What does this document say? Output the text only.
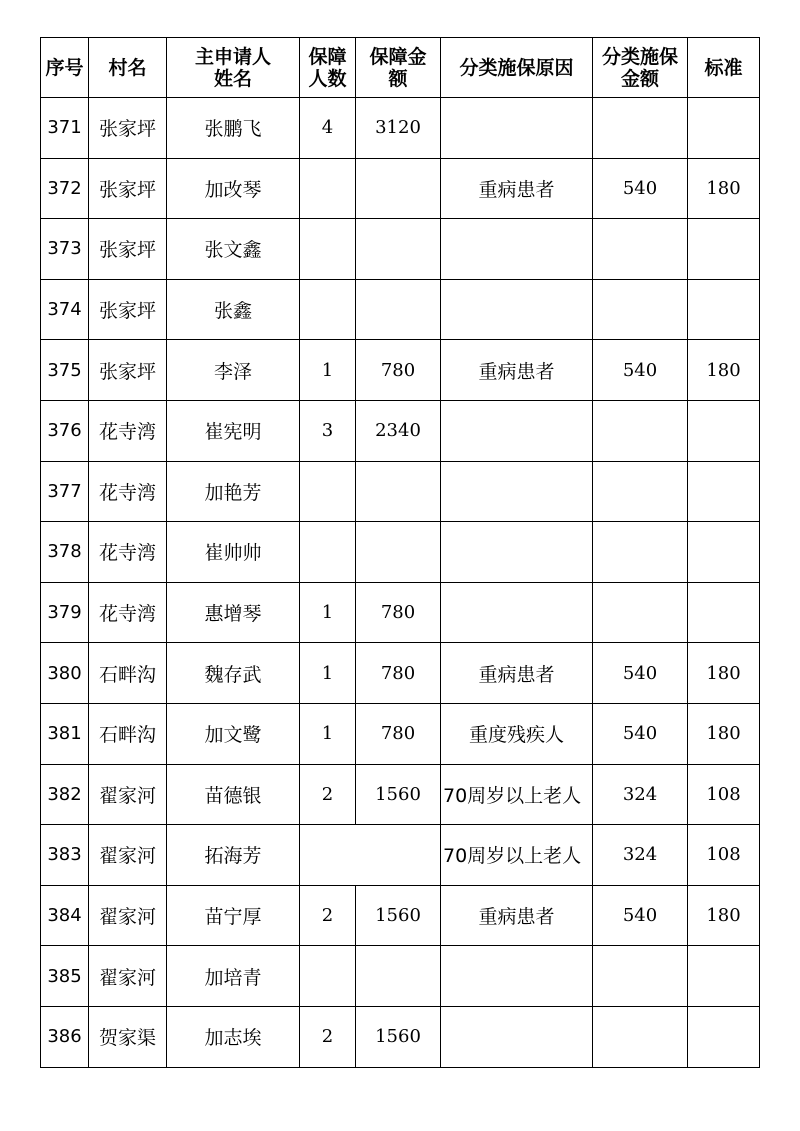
序号	村名	主申请人姓名	保障人数	保障金额	分类施保原因	分类施保金额	标准
371	张家坪	张鹏飞	4	3120			
372	张家坪	加改琴			重病患者	540	180
373	张家坪	张文鑫					
374	张家坪	张鑫					
375	张家坪	李泽	1	780	重病患者	540	180
376	花寺湾	崔宪明	3	2340			
377	花寺湾	加艳芳					
378	花寺湾	崔帅帅					
379	花寺湾	惠增琴	1	780			
380	石畔沟	魏存武	1	780	重病患者	540	180
381	石畔沟	加文鹭	1	780	重度残疾人	540	180
382	翟家河	苗德银	2	1560	70周岁以上老人	324	108
383	翟家河	拓海芳			70周岁以上老人	324	108
384	翟家河	苗宁厚	2	1560	重病患者	540	180
385	翟家河	加培青					
386	贺家渠	加志埃	2	1560			
